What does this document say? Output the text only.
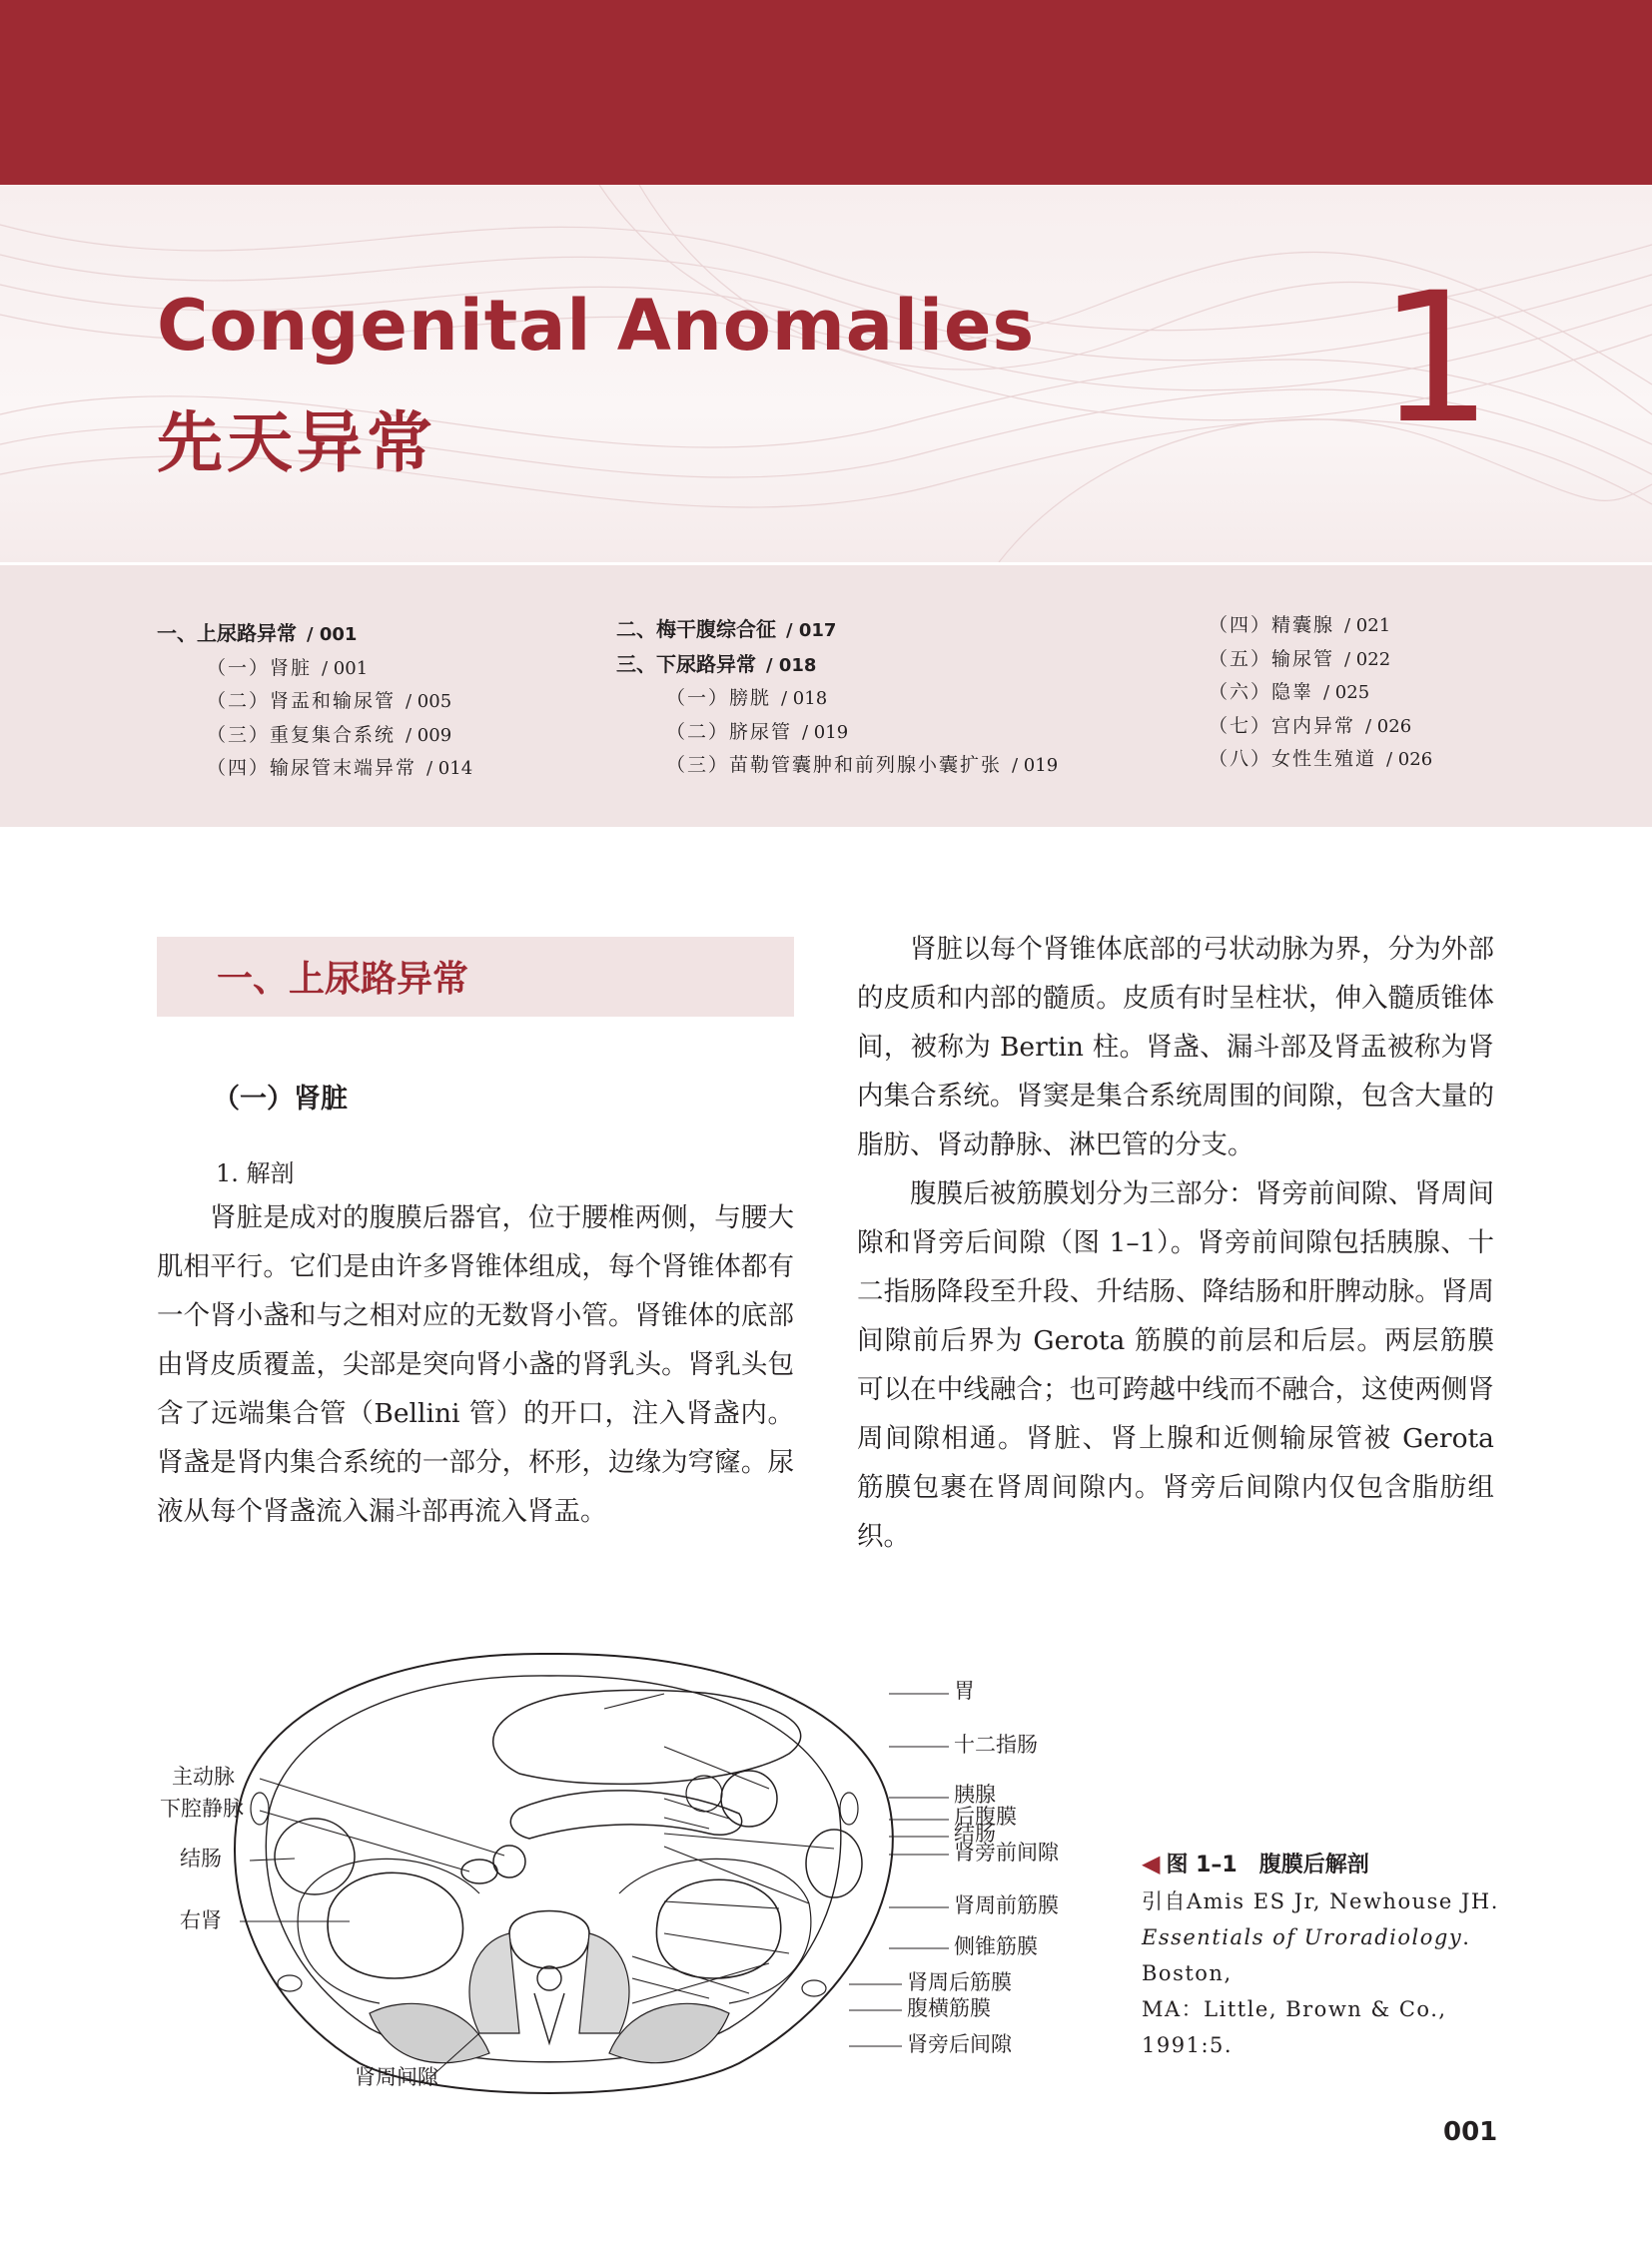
Congenital Anomalies
先天异常	1
一、上尿路异常 / 001
（一）肾脏 / 001
（二）肾盂和输尿管 / 005
（三）重复集合系统 / 009
（四）输尿管末端异常 / 014
二、梅干腹综合征 / 017
三、下尿路异常 / 018
（一）膀胱 / 018
（二）脐尿管 / 019
（三）苗勒管囊肿和前列腺小囊扩张 / 019
（四）精囊腺 / 021
（五）输尿管 / 022
（六）隐睾 / 025
（七）宫内异常 / 026
（八）女性生殖道 / 026
一、上尿路异常
（一）肾脏
1. 解剖

肾脏是成对的腹膜后器官，位于腰椎两侧，与腰大肌相平行。它们是由许多肾锥体组成，每个肾锥体都有一个肾小盏和与之相对应的无数肾小管。肾锥体的底部由肾皮质覆盖，尖部是突向肾小盏的肾乳头。肾乳头包含了远端集合管（Bellini 管）的开口，注入肾盏内。肾盏是肾内集合系统的一部分，杯形，边缘为穹窿。尿液从每个肾盏流入漏斗部再流入肾盂。

肾脏以每个肾锥体底部的弓状动脉为界，分为外部的皮质和内部的髓质。皮质有时呈柱状，伸入髓质锥体间，被称为 Bertin 柱。肾盏、漏斗部及肾盂被称为肾内集合系统。肾窦是集合系统周围的间隙，包含大量的脂肪、肾动静脉、淋巴管的分支。

腹膜后被筋膜划分为三部分：肾旁前间隙、肾周间隙和肾旁后间隙（图 1–1）。肾旁前间隙包括胰腺、十二指肠降段至升段、升结肠、降结肠和肝脾动脉。肾周间隙前后界为 Gerota 筋膜的前层和后层。两层筋膜可以在中线融合；也可跨越中线而不融合，这使两侧肾周间隙相通。肾脏、肾上腺和近侧输尿管被 Gerota 筋膜包裹在肾周间隙内。肾旁后间隙内仅包含脂肪组织。

主动脉
下腔静脉
结肠
右肾
肾周间隙
胃
十二指肠
胰腺
后腹膜
结肠
肾旁前间隙
肾周前筋膜
侧锥筋膜
肾周后筋膜
腹横筋膜
肾旁后间隙
◀ 图 1–1　腹膜后解剖
引自Amis ES Jr, Newhouse JH.
Essentials of Uroradiology. Boston,
MA：Little, Brown & Co., 1991:5.
001
